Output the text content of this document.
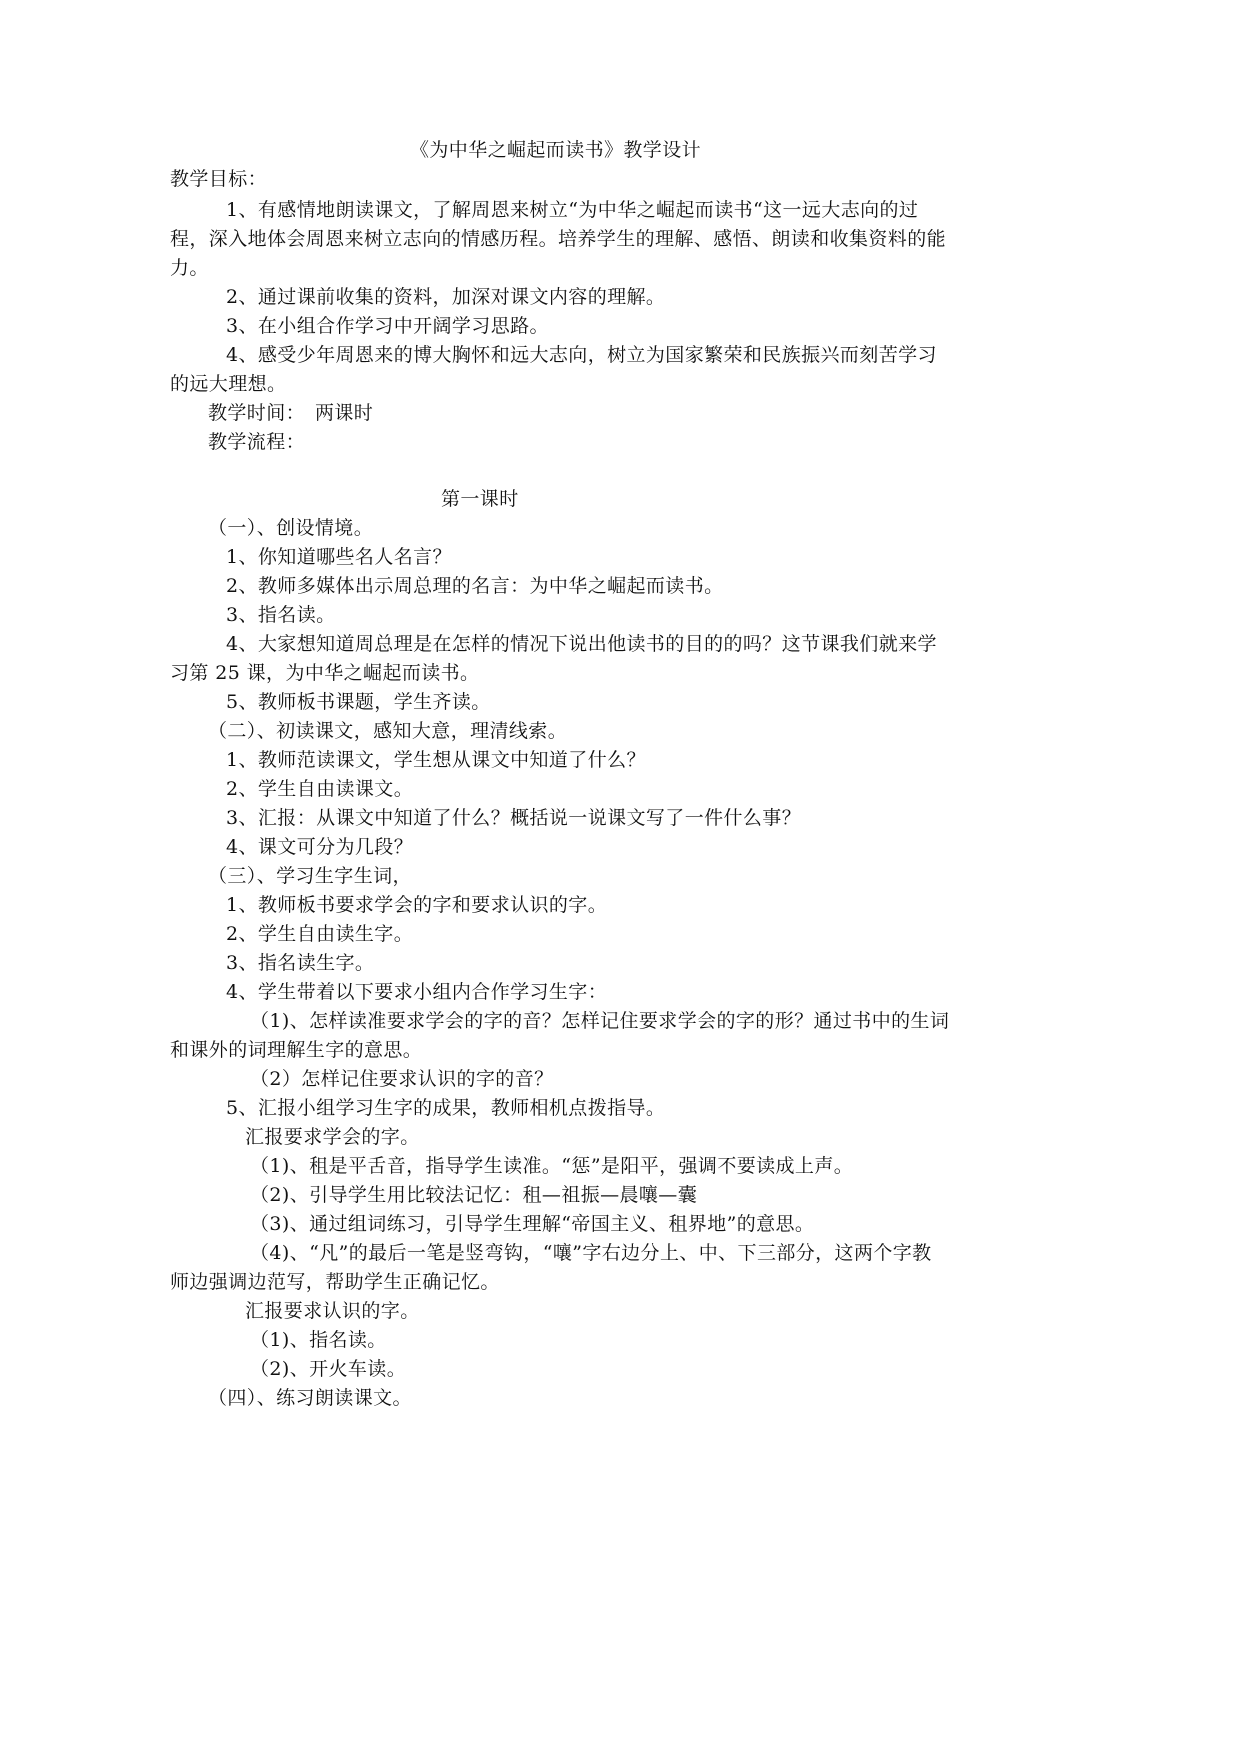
《为中华之崛起而读书》教学设计
教学目标：
1、有感情地朗读课文，了解周恩来树立“为中华之崛起而读书“这一远大志向的过
程，深入地体会周恩来树立志向的情感历程。培养学生的理解、感悟、朗读和收集资料的能
力。
2、通过课前收集的资料，加深对课文内容的理解。
3、在小组合作学习中开阔学习思路。
4、感受少年周恩来的博大胸怀和远大志向，树立为国家繁荣和民族振兴而刻苦学习
的远大理想。
教学时间： 两课时
教学流程：
第一课时
（一）、创设情境。
1、你知道哪些名人名言？
2、教师多媒体出示周总理的名言：为中华之崛起而读书。
3、指名读。
4、大家想知道周总理是在怎样的情况下说出他读书的目的的吗？这节课我们就来学
习第 25 课，为中华之崛起而读书。
5、教师板书课题，学生齐读。
（二）、初读课文，感知大意，理清线索。
1、教师范读课文，学生想从课文中知道了什么？
2、学生自由读课文。
3、汇报：从课文中知道了什么？概括说一说课文写了一件什么事？
4、课文可分为几段？
（三）、学习生字生词，
1、教师板书要求学会的字和要求认识的字。
2、学生自由读生字。
3、指名读生字。
4、学生带着以下要求小组内合作学习生字：
（1)、怎样读准要求学会的字的音？怎样记住要求学会的字的形？通过书中的生词
和课外的词理解生字的意思。
（2）怎样记住要求认识的字的音？
5、汇报小组学习生字的成果，教师相机点拨指导。
汇报要求学会的字。
（1)、租是平舌音，指导学生读准。“惩”是阳平，强调不要读成上声。
（2)、引导学生用比较法记忆：租—祖振—晨嚷—囊
（3)、通过组词练习，引导学生理解“帝国主义、租界地”的意思。
（4)、“凡”的最后一笔是竖弯钩，“嚷”字右边分上、中、下三部分，这两个字教
师边强调边范写，帮助学生正确记忆。
汇报要求认识的字。
（1)、指名读。
（2)、开火车读。
（四）、练习朗读课文。
